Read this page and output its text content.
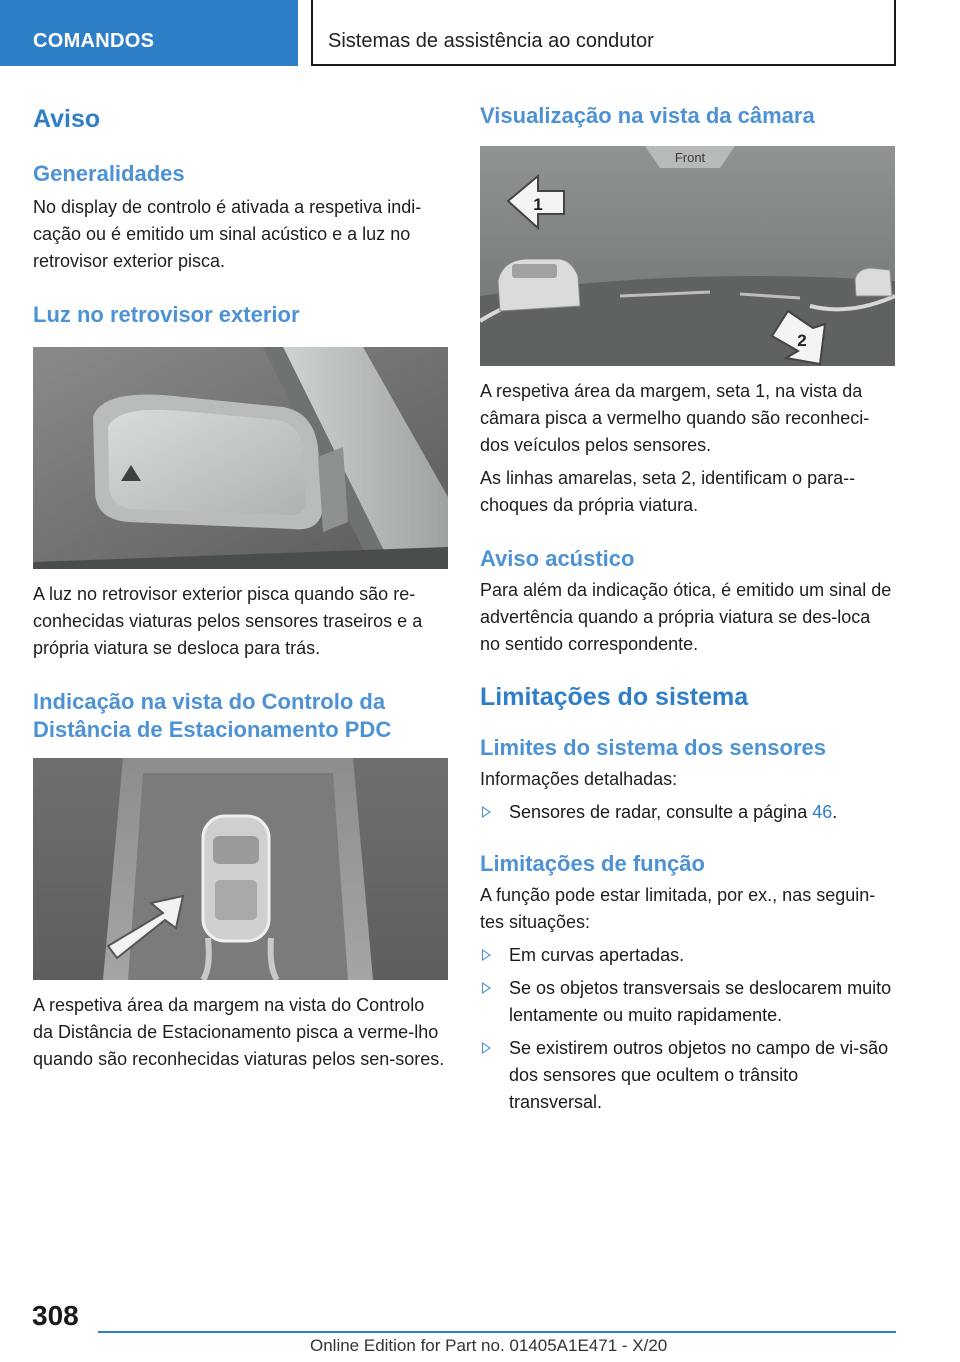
COMANDOS	Sistemas de assistência ao condutor
Aviso
Generalidades

No display de controlo é ativada a respetiva indi-cação ou é emitido um sinal acústico e a luz no retrovisor exterior pisca.

Luz no retrovisor exterior

A luz no retrovisor exterior pisca quando são re-conhecidas viaturas pelos sensores traseiros e a própria viatura se desloca para trás.

Indicação na vista do Controlo da Distância de Estacionamento PDC

A respetiva área da margem na vista do Controlo da Distância de Estacionamento pisca a verme-lho quando são reconhecidas viaturas pelos sen-sores.

Visualização na vista da câmara
Front
1
2

A respetiva área da margem, seta 1, na vista da câmara pisca a vermelho quando são reconheci-dos veículos pelos sensores.

As linhas amarelas, seta 2, identificam o para--choques da própria viatura.

Aviso acústico

Para além da indicação ótica, é emitido um sinal de advertência quando a própria viatura se des-loca no sentido correspondente.

Limitações do sistema
Limites do sistema dos sensores

Informações detalhadas:

Sensores de radar, consulte a página 46.
Limitações de função

A função pode estar limitada, por ex., nas seguin-tes situações:

Em curvas apertadas.
Se os objetos transversais se deslocarem muito lentamente ou muito rapidamente.
Se existirem outros objetos no campo de vi-são dos sensores que ocultem o trânsito transversal.
308
Online Edition for Part no. 01405A1E471 - X/20
